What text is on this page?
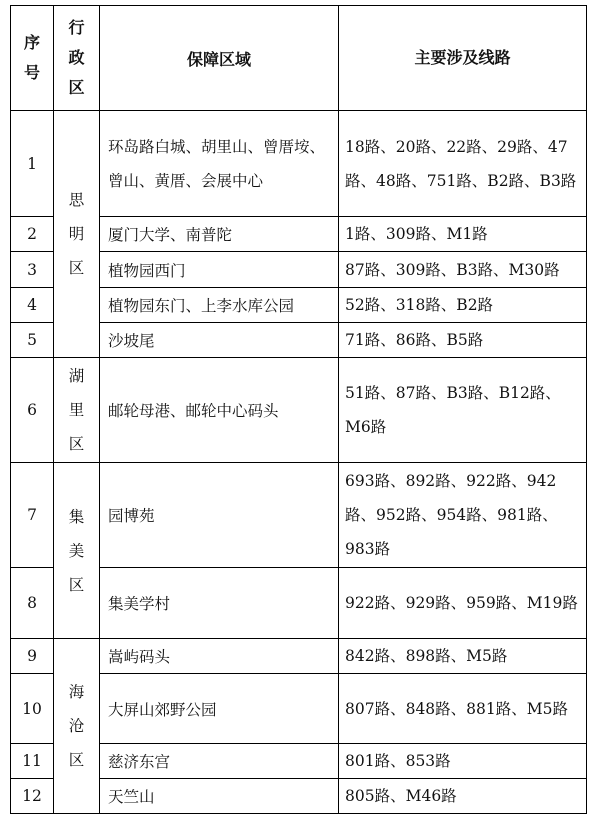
序号	行政区	保障区域	主要涉及线路
1	思明区	环岛路白城、胡里山、曾厝垵、曾山、黄厝、会展中心	18路、20路、22路、29路、47路、48路、751路、B2路、B3路
2		厦门大学、南普陀	1路、309路、M1路
3		植物园西门	87路、309路、B3路、M30路
4		植物园东门、上李水库公园	52路、318路、B2路
5		沙坡尾	71路、86路、B5路
6	湖里区	邮轮母港、邮轮中心码头	51路、87路、B3路、B12路、M6路
7	集美区	园博苑	693路、892路、922路、942路、952路、954路、981路、983路
8		集美学村	922路、929路、959路、M19路
9	海沧区	嵩屿码头	842路、898路、M5路
10		大屏山郊野公园	807路、848路、881路、M5路
11		慈济东宫	801路、853路
12		天竺山	805路、M46路
